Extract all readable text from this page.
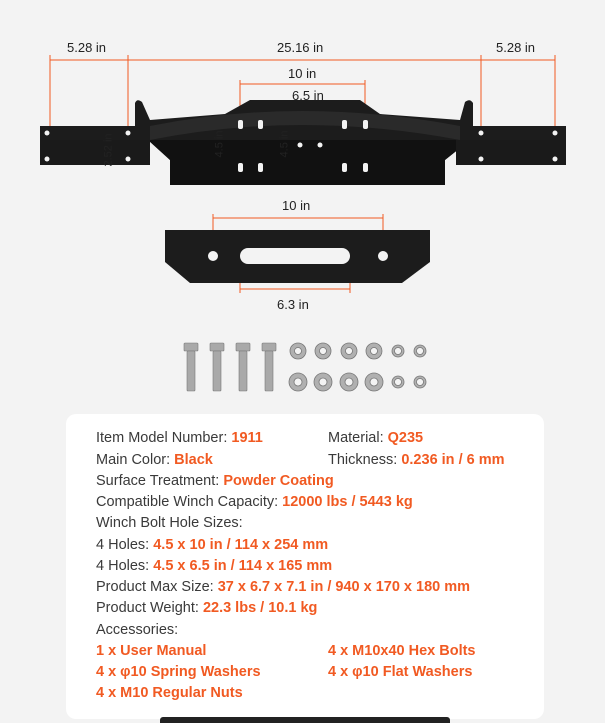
5.28 in	25.16 in	5.28 in
10 in
6.5 in
4.5 in	4.5 in
2.52 in
10 in
6.3 in
Item Model Number: 1911	Material: Q235
Main Color: Black	Thickness: 0.236 in / 6 mm
Surface Treatment: Powder Coating
Compatible Winch Capacity: 12000 lbs / 5443 kg
Winch Bolt Hole Sizes:
4 Holes: 4.5 x 10 in / 114 x 254 mm
4 Holes: 4.5 x 6.5 in / 114 x 165 mm
Product Max Size: 37 x 6.7 x 7.1 in / 940 x 170 x 180 mm
Product Weight: 22.3 lbs / 10.1 kg
Accessories:
1 x User Manual	4 x M10x40 Hex Bolts
4 x φ10 Spring Washers	4 x φ10 Flat Washers
4 x M10 Regular Nuts
